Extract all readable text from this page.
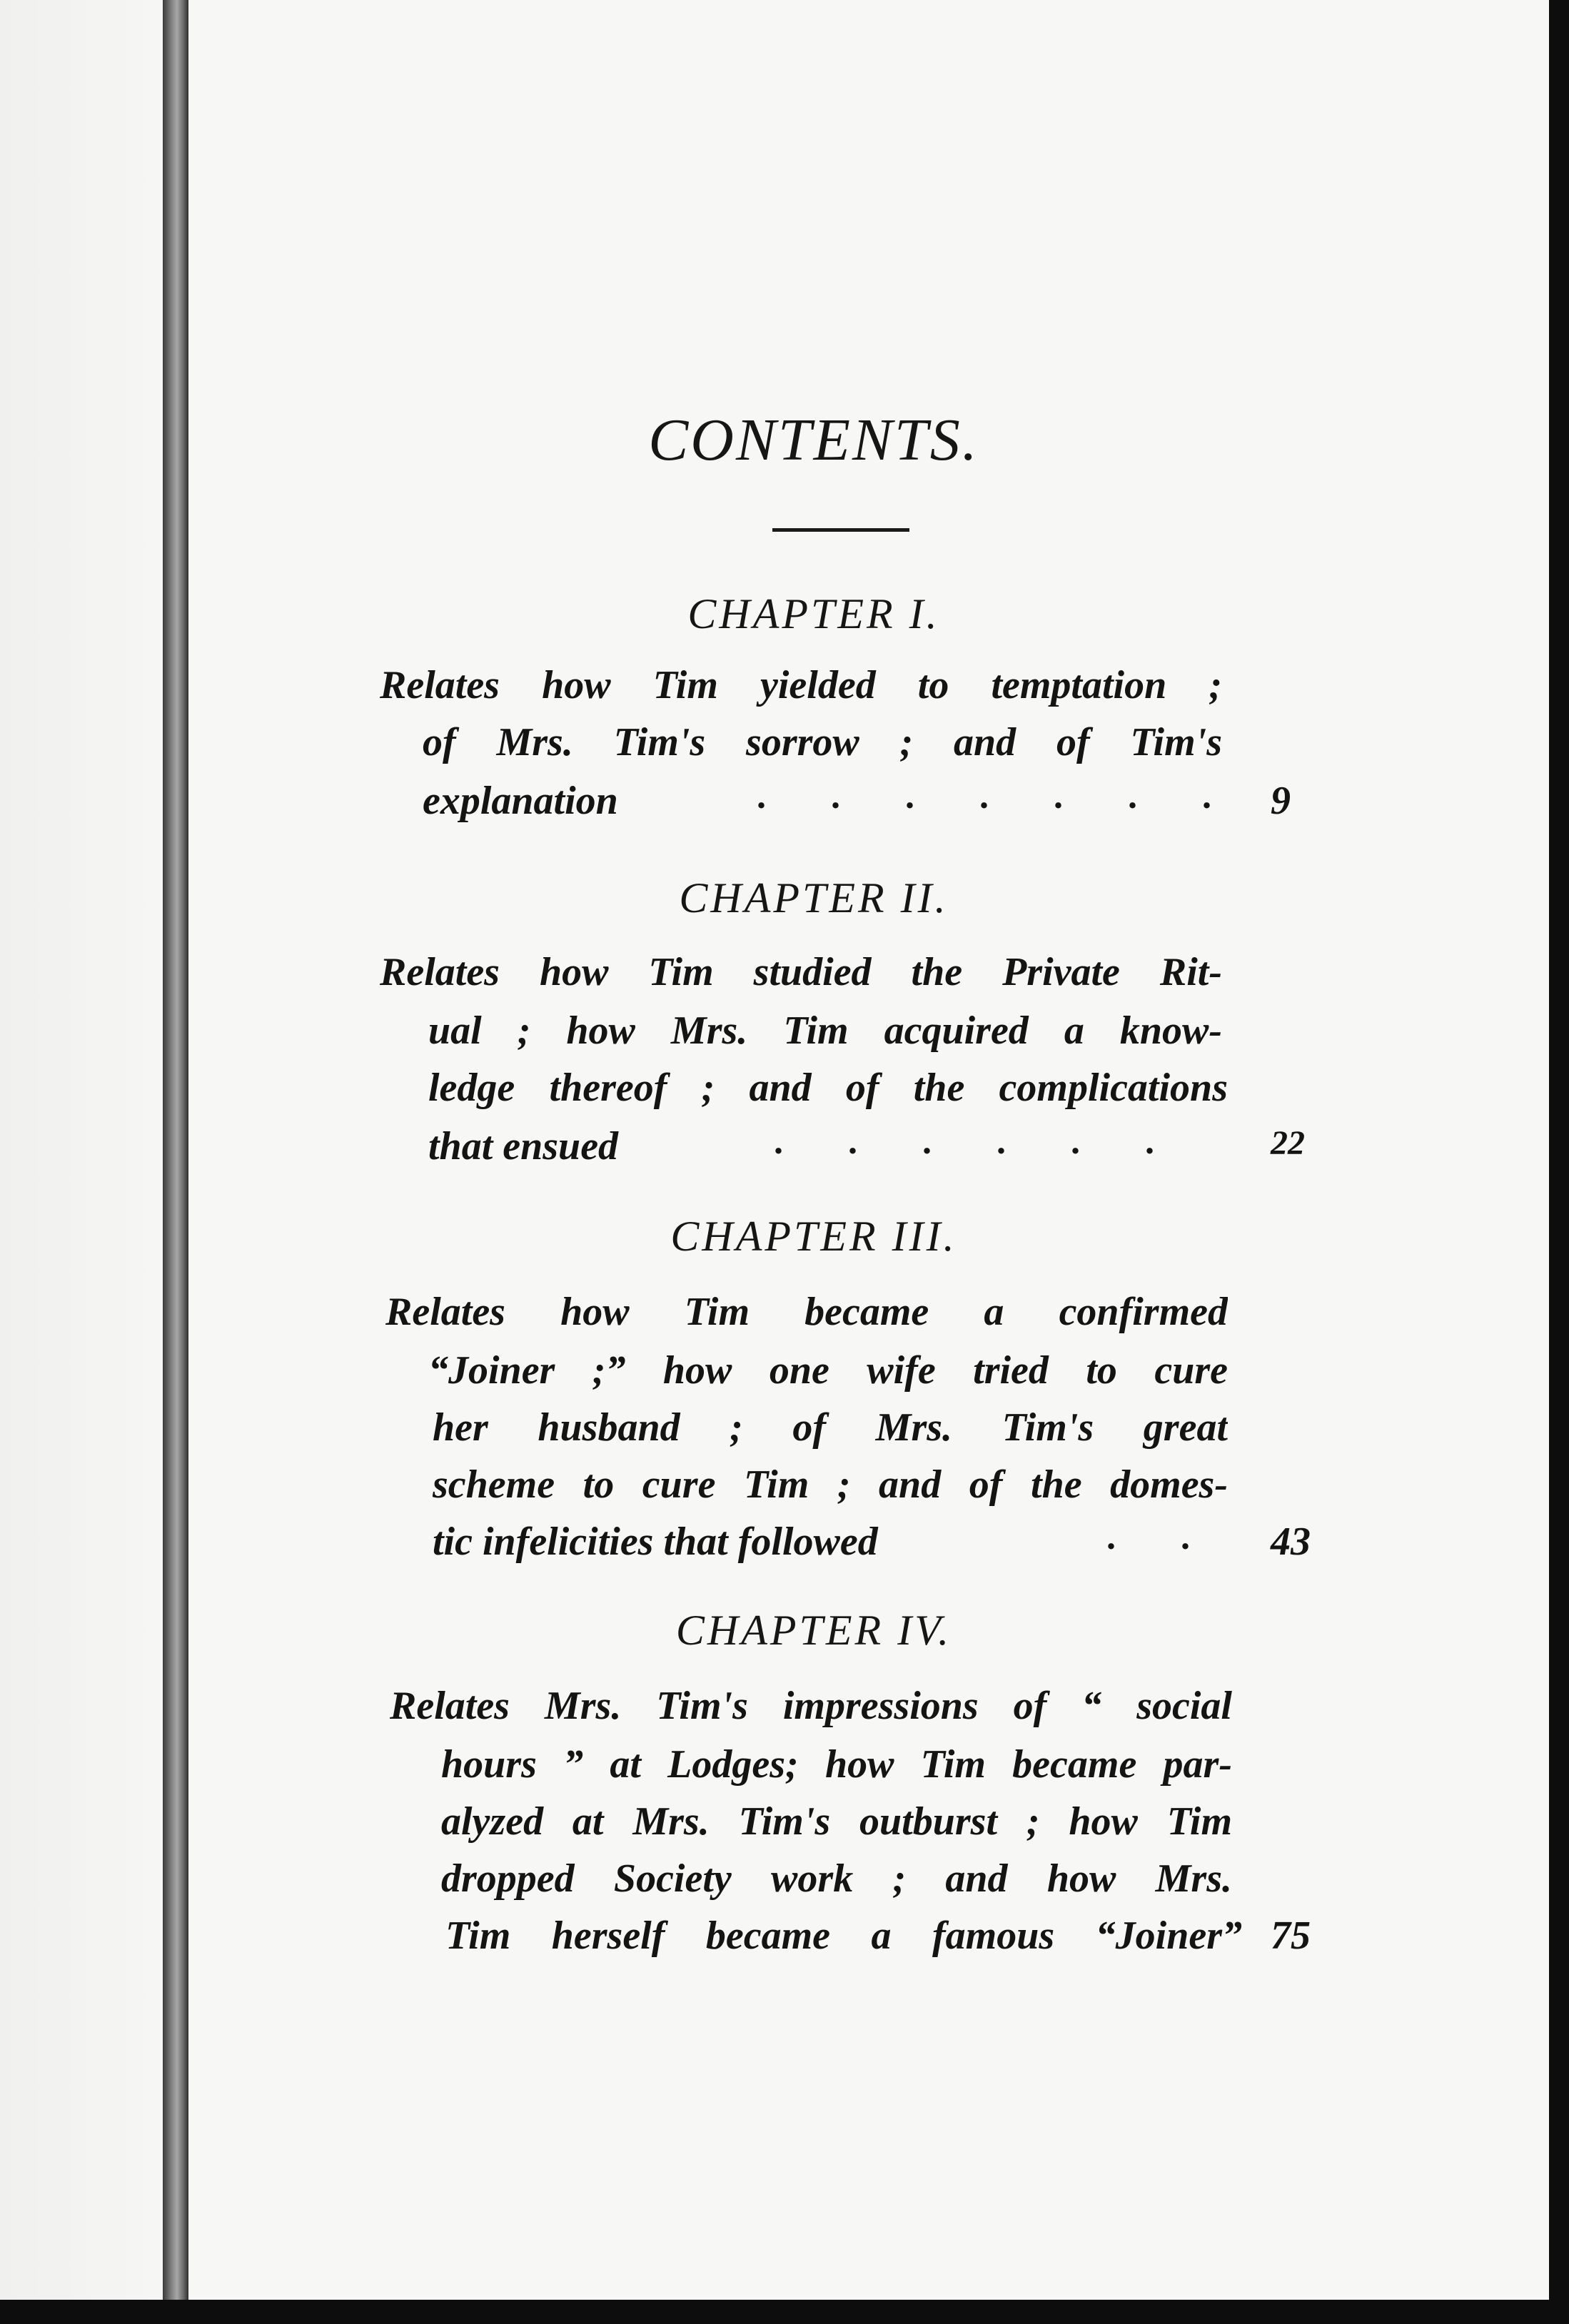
CONTENTS.
CHAPTER I.
Relates how Tim yielded to temptation ;
of Mrs. Tim's sorrow ; and of Tim's
explanation	. . . . . . . 9
CHAPTER II.
Relates how Tim studied the Private Rit-
ual ; how Mrs. Tim acquired a know-
ledge thereof ; and of the complications
that ensued	. . . . . .	22
CHAPTER III.
Relates how Tim became a confirmed
“Joiner ;” how one wife tried to cure
her husband ; of Mrs. Tim's great
scheme to cure Tim ; and of the domes-
tic infelicities that followed	. . 43
CHAPTER IV.
Relates Mrs. Tim's impressions of “ social
hours ” at Lodges; how Tim became par-
alyzed at Mrs. Tim's outburst ; how Tim
dropped Society work ; and how Mrs.
Tim herself became a famous “Joiner” 75
